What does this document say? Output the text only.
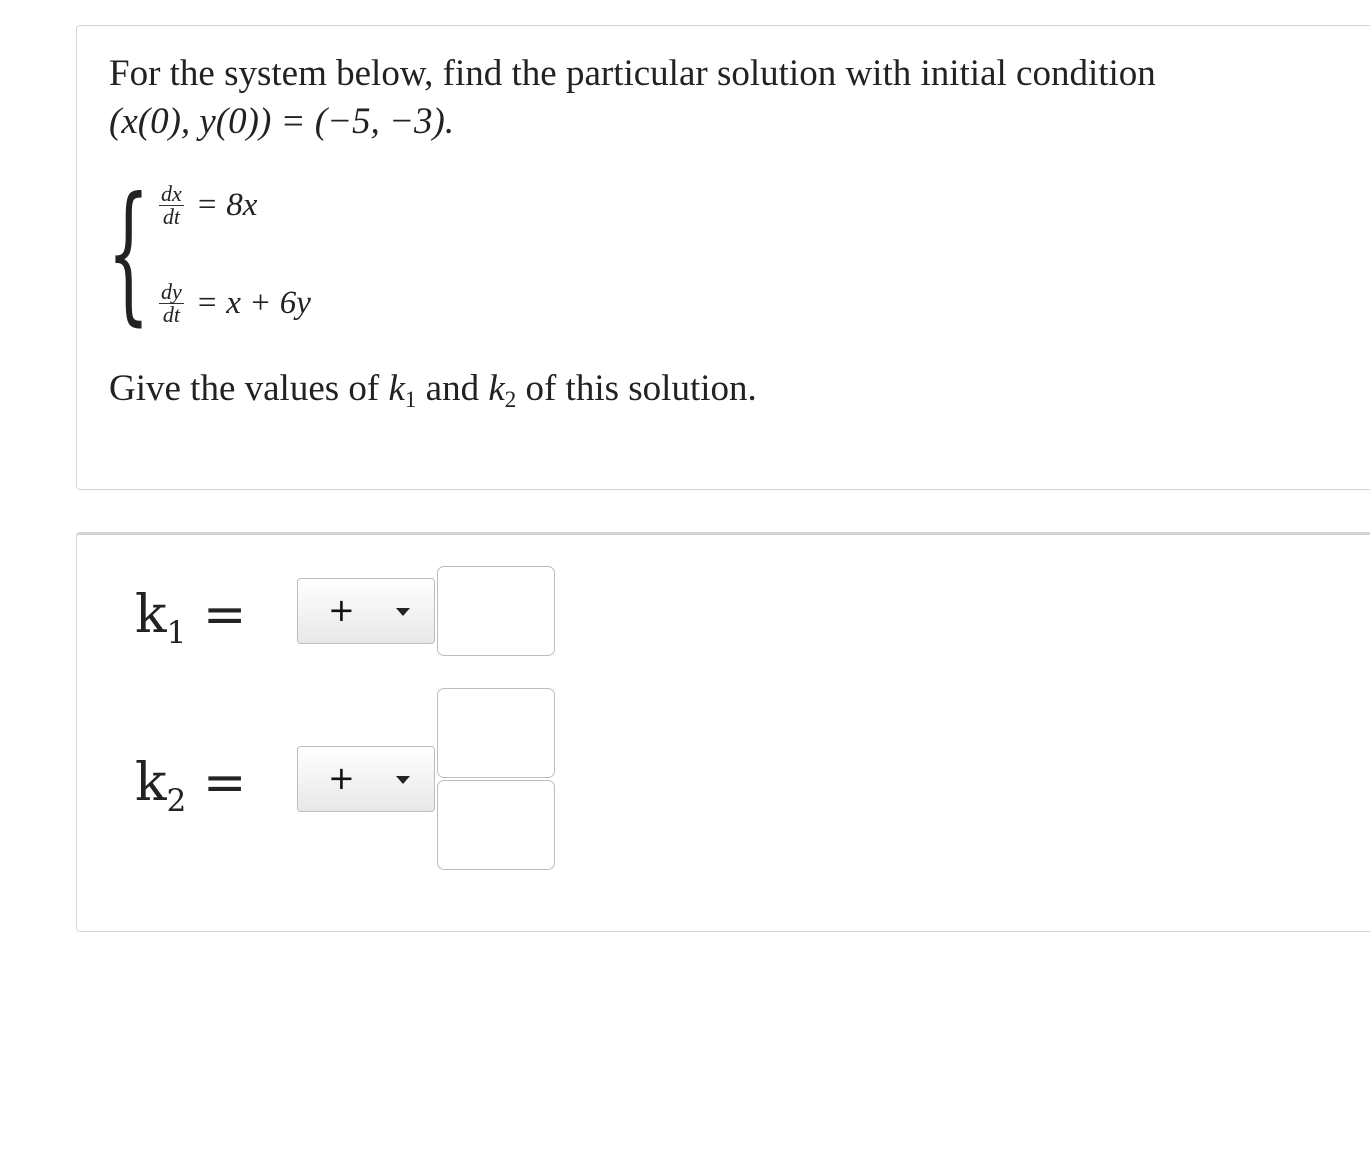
For the system below, find the particular solution with initial condition
(x(0), y(0)) = (−5, −3).
{ $\frac{dx}{dt} = 8x$
$\frac{dy}{dt} = x + 6y$
Give the values of $k_1$ and $k_2$ of this solution.
$k_1$ =	+
$k_2$ =	+
